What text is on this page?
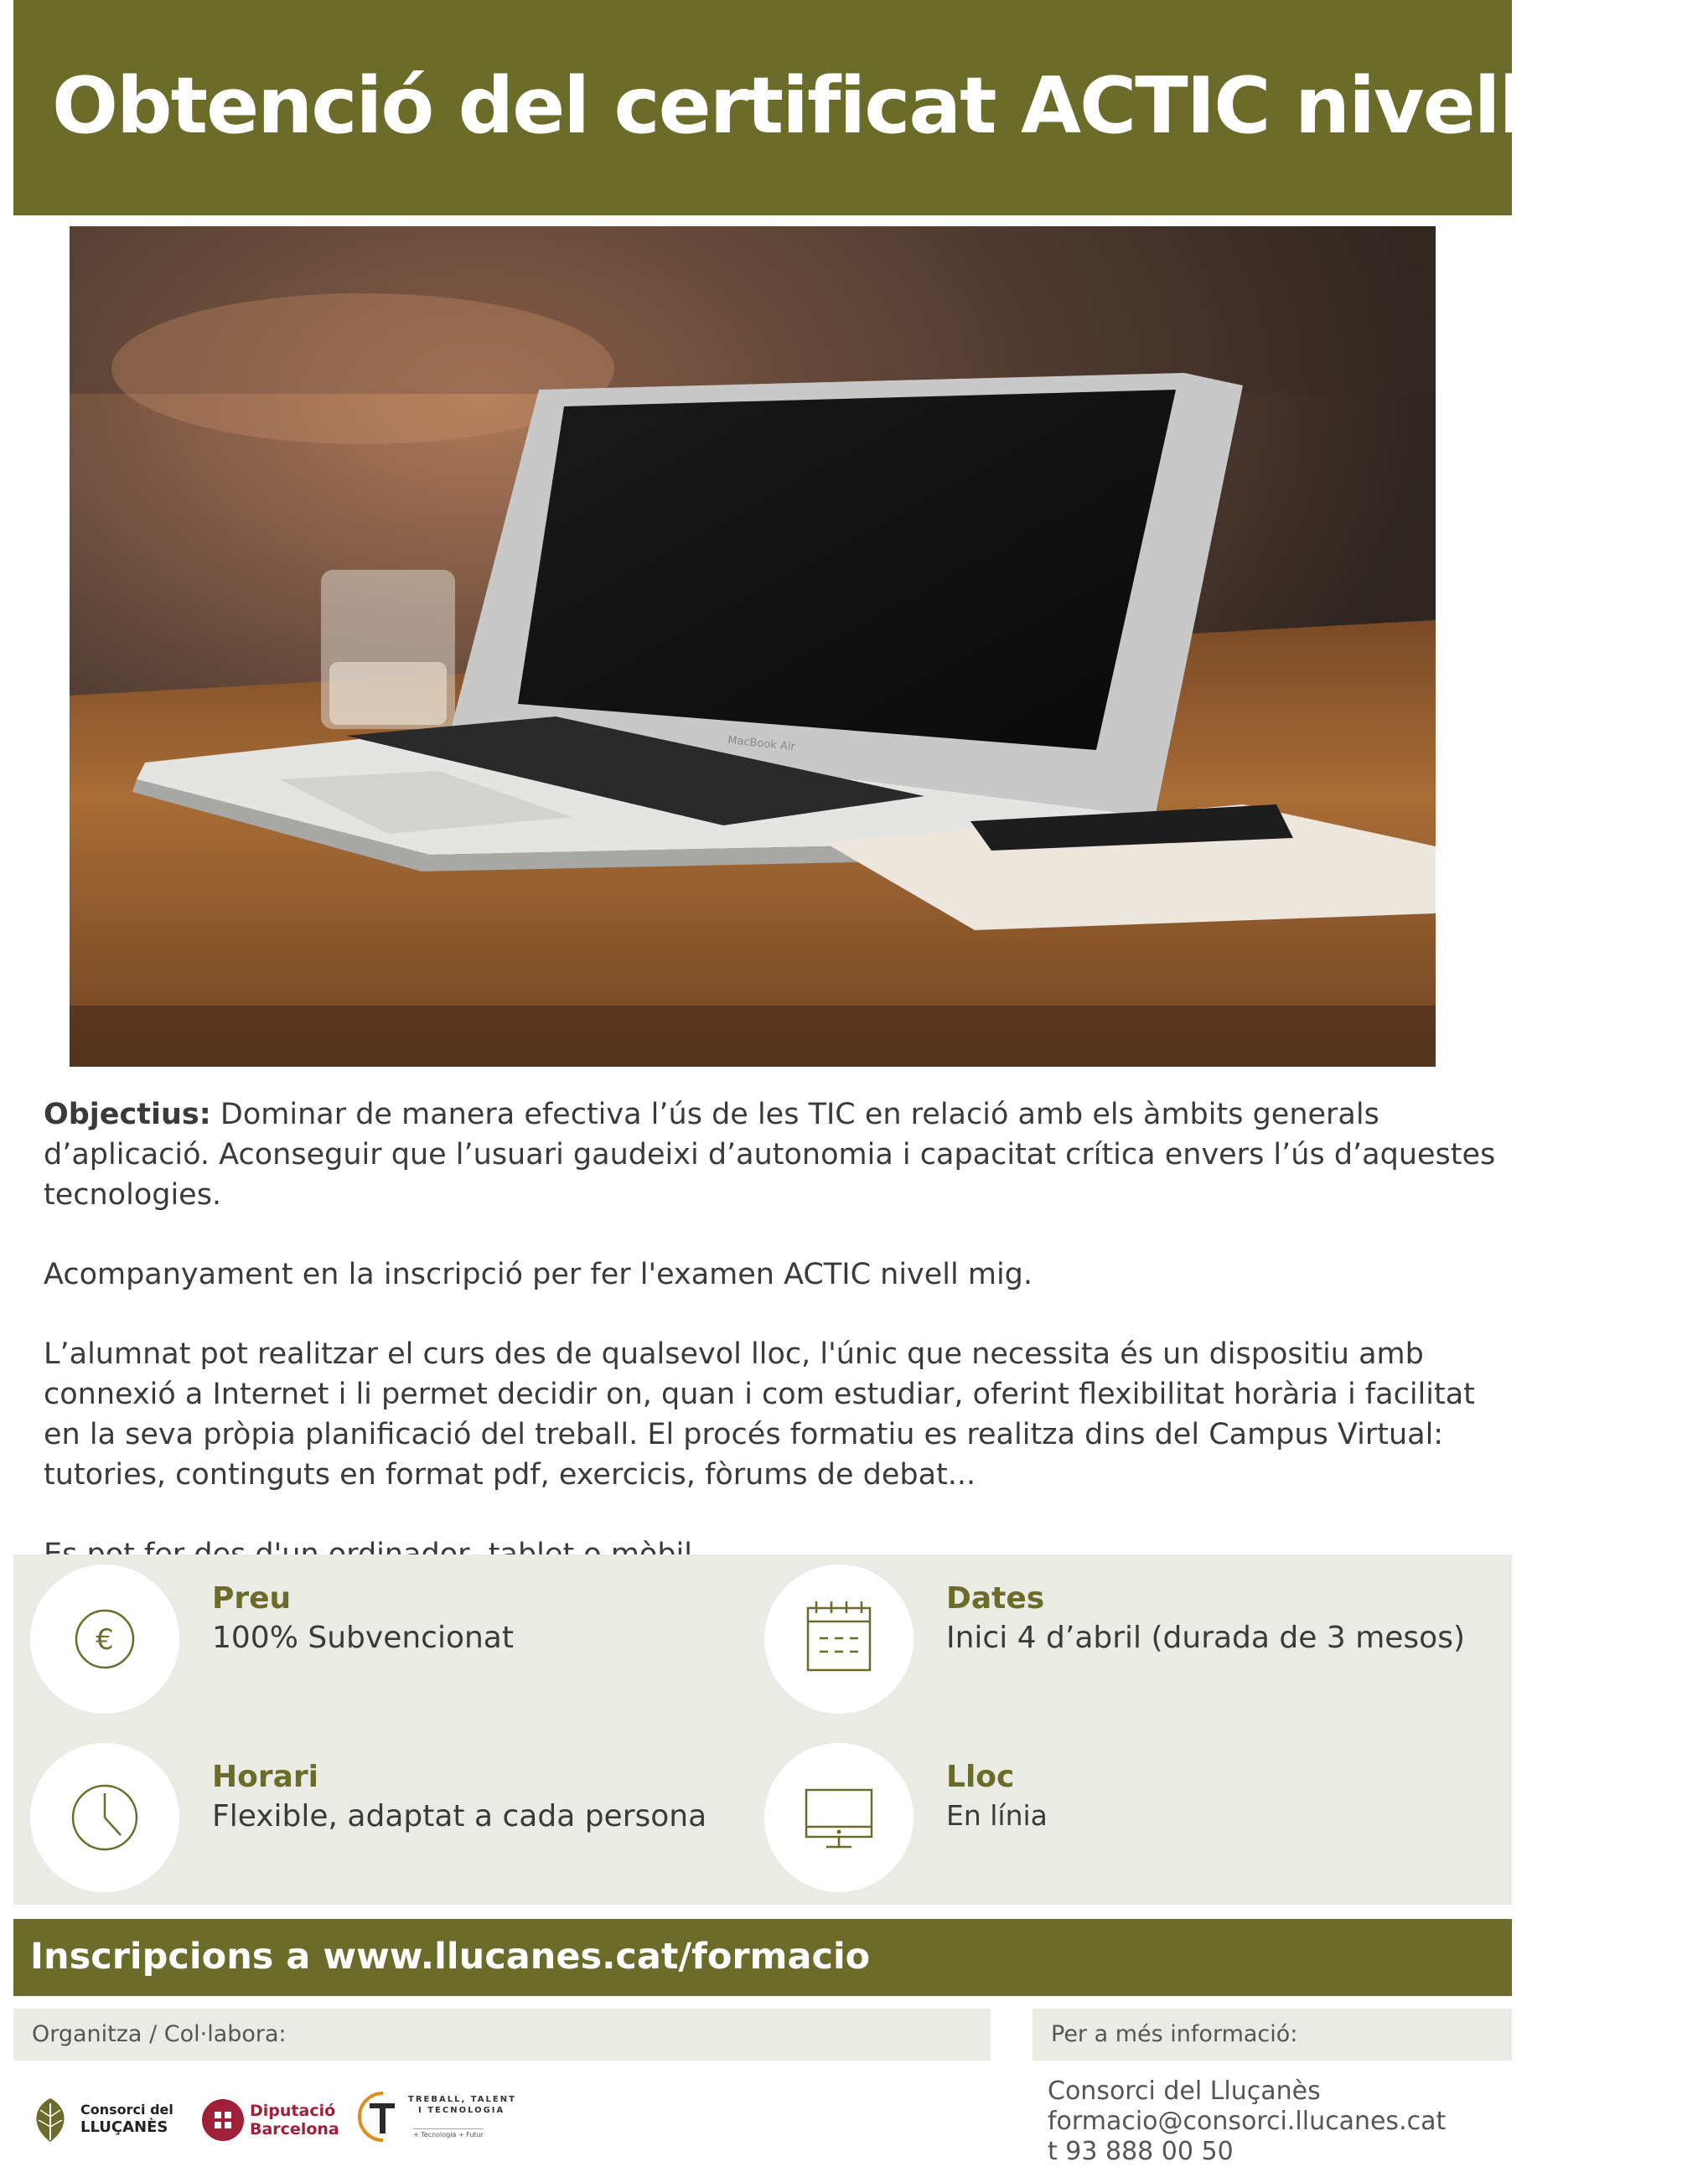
Obtenció del certificat ACTIC nivell mig
MacBook Air

Objectius: Dominar de manera efectiva l’ús de les TIC en relació amb els àmbits generals d’aplicació. Aconseguir que l’usuari gaudeixi d’autonomia i capacitat crítica envers l’ús d’aquestes tecnologies.

Acompanyament en la inscripció per fer l'examen ACTIC nivell mig.

L’alumnat pot realitzar el curs des de qualsevol lloc, l'únic que necessita és un dispositiu amb connexió a Internet i li permet decidir on, quan i com estudiar, oferint flexibilitat horària i facilitat en la seva pròpia planificació del treball. El procés formatiu es realitza dins del Campus Virtual: tutories, continguts en format pdf, exercicis, fòrums de debat...

€
Preu
100% Subvencionat
Dates
Inici 4 d’abril (durada de 3 mesos)
Horari
Flexible, adaptat a cada persona
Lloc
En línia
Inscripcions a www.llucanes.cat/formacio
Organitza / Col·labora:	Per a més informació:
Consorci del
LLUÇANÈS
Diputació
Barcelona
TREBALL, TALENT
I TECNOLOGIA
+ Tecnologia + Futur
Consorci del Lluçanès
formacio@consorci.llucanes.cat
t 93 888 00 50
